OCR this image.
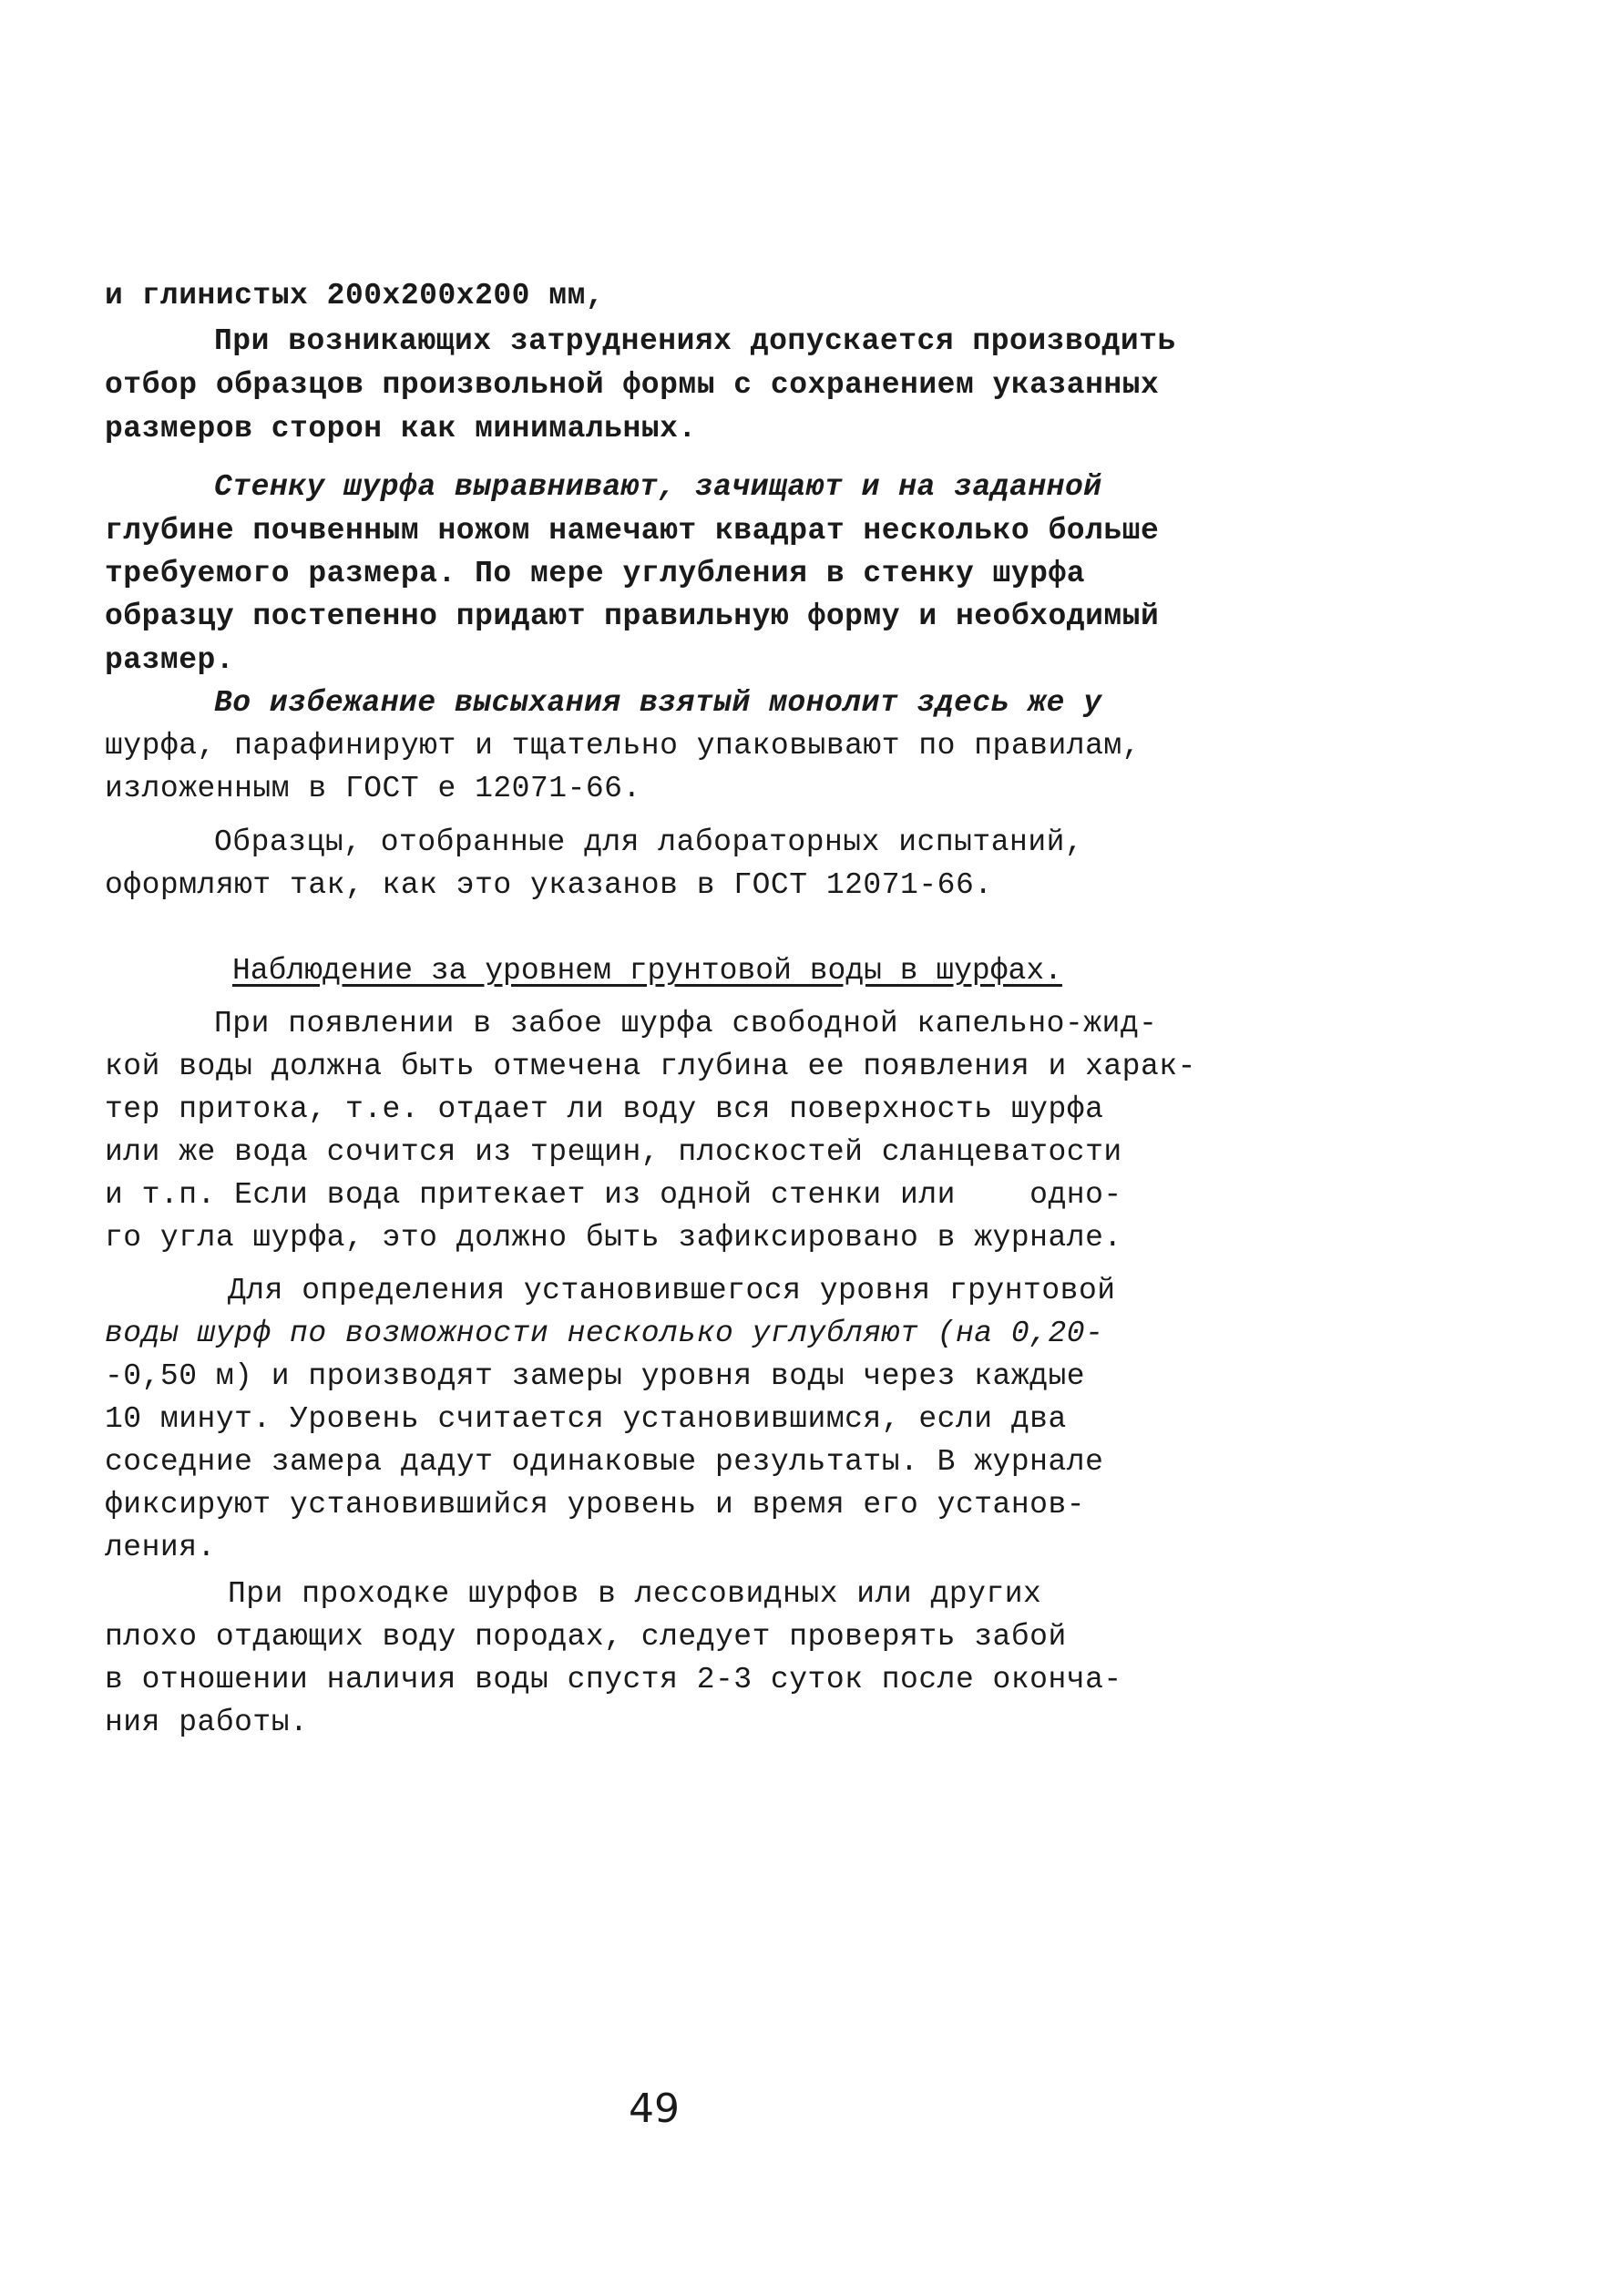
и глинистых 200х200х200 мм,
При возникающих затруднениях допускается производить
отбор образцов произвольной формы с сохранением указанных
размеров сторон как минимальных.
Стенку шурфа выравнивают, зачищают и на заданной
глубине почвенным ножом намечают квадрат несколько больше
требуемого размера. По мере углубления в стенку шурфа
образцу постепенно придают правильную форму и необходимый
размер.
Во избежание высыхания взятый монолит здесь же у
шурфа, парафинируют и тщательно упаковывают по правилам,
изложенным в ГОСТ е 12071-66.
Образцы, отобранные для лабораторных испытаний,
оформляют так, как это указанов в ГОСТ 12071-66.
Наблюдение за уровнем грунтовой воды в шурфах.
При появлении в забое шурфа свободной капельно-жид-
кой воды должна быть отмечена глубина ее появления и харак-
тер притока, т.е. отдает ли воду вся поверхность шурфа
или же вода сочится из трещин, плоскостей сланцеватости
и т.п. Если вода притекает из одной стенки или    одно-
го угла шурфа, это должно быть зафиксировано в журнале.
Для определения установившегося уровня грунтовой
воды шурф по возможности несколько углубляют (на 0,20-
-0,50 м) и производят замеры уровня воды через каждые
10 минут. Уровень считается установившимся, если два
соседние замера дадут одинаковые результаты. В журнале
фиксируют установившийся уровень и время его установ-
ления.
При проходке шурфов в лессовидных или других
плохо отдающих воду породах, следует проверять забой
в отношении наличия воды спустя 2-3 суток после оконча-
ния работы.
49
